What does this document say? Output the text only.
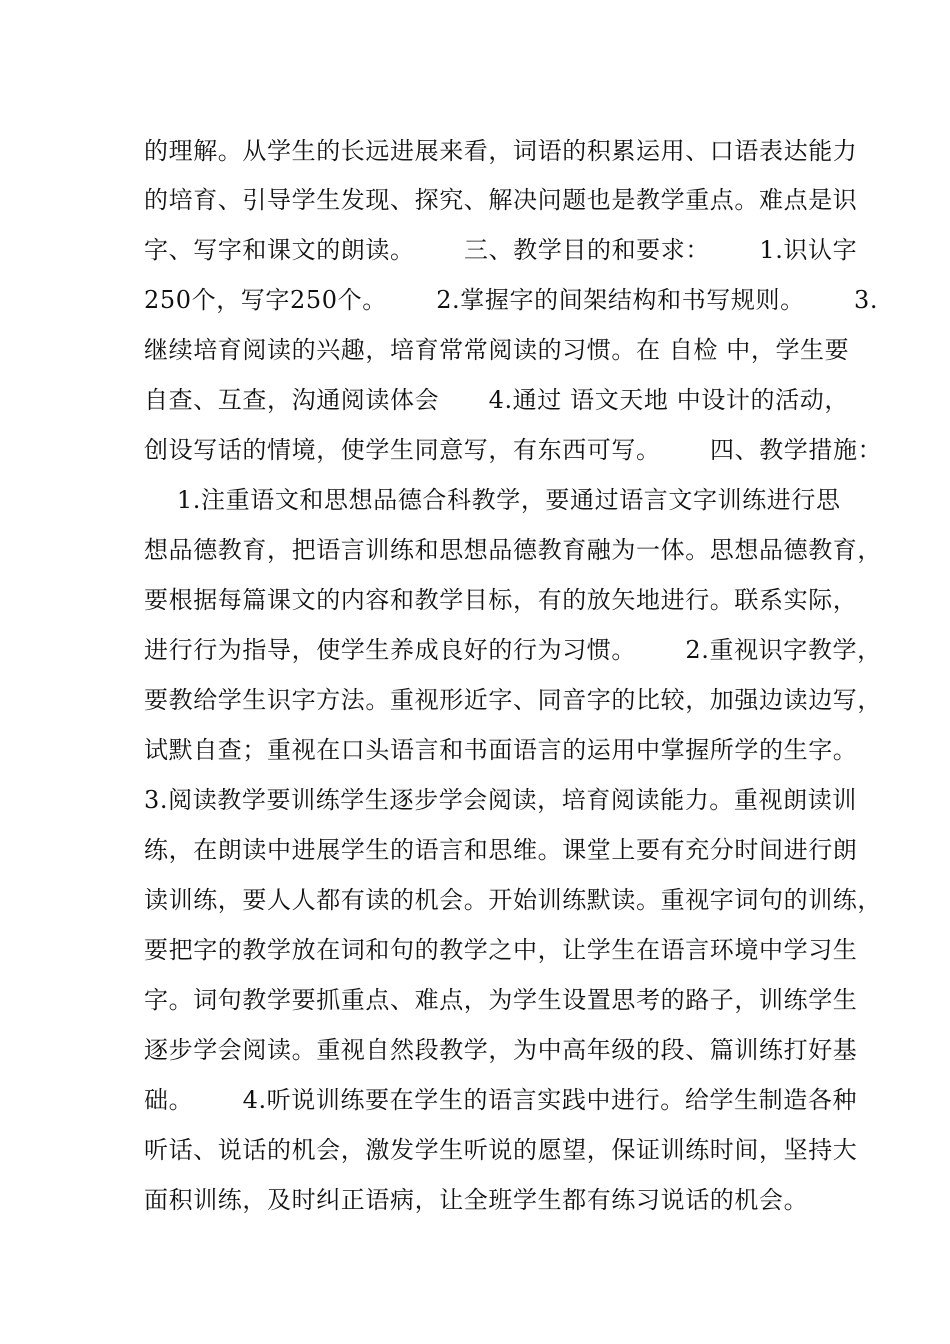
的理解。从学生的长远进展来看，词语的积累运用、口语表达能力
的培育、引导学生发现、探究、解决问题也是教学重点。难点是识
字、写字和课文的朗读。      三、教学目的和要求：      1.识认字
250个，写字250个。      2.掌握字的间架结构和书写规则。      3.
继续培育阅读的兴趣，培育常常阅读的习惯。在 自检 中，学生要
自查、互查，沟通阅读体会      4.通过 语文天地 中设计的活动，
创设写话的情境，使学生同意写，有东西可写。      四、教学措施：
1.注重语文和思想品德合科教学，要通过语言文字训练进行思
想品德教育，把语言训练和思想品德教育融为一体。思想品德教育，
要根据每篇课文的内容和教学目标，有的放矢地进行。联系实际，
进行行为指导，使学生养成良好的行为习惯。      2.重视识字教学，
要教给学生识字方法。重视形近字、同音字的比较，加强边读边写，
试默自查；重视在口头语言和书面语言的运用中掌握所学的生字。
3.阅读教学要训练学生逐步学会阅读，培育阅读能力。重视朗读训
练，在朗读中进展学生的语言和思维。课堂上要有充分时间进行朗
读训练，要人人都有读的机会。开始训练默读。重视字词句的训练，
要把字的教学放在词和句的教学之中，让学生在语言环境中学习生
字。词句教学要抓重点、难点，为学生设置思考的路子，训练学生
逐步学会阅读。重视自然段教学，为中高年级的段、篇训练打好基
础。      4.听说训练要在学生的语言实践中进行。给学生制造各种
听话、说话的机会，激发学生听说的愿望，保证训练时间，坚持大
面积训练，及时纠正语病，让全班学生都有练习说话的机会。
